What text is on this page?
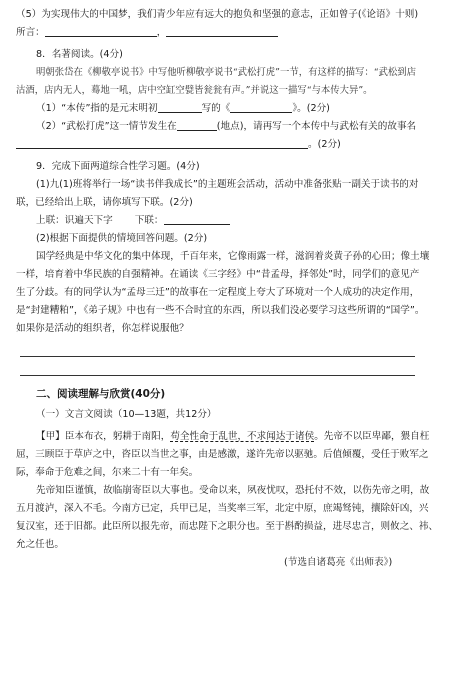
（5）为实现伟大的中国梦，我们青少年应有远大的抱负和坚强的意志，正如曾子(《论语》十则)
所言：	，
8．名著阅读。(4分)
明朝张岱在《柳敬亭说书》中写他听柳敬亭说书“武松打虎”一节，有这样的描写：“武松到店
沽酒，店内无人，蓦地一吼，店中空缸空甓皆瓮瓮有声。”并说这一描写“与本传大异”。
（1）“本传”指的是元末明初	写的《	》。(2分)
（2）“武松打虎”这一情节发生在	(地点)，请再写一个本传中与武松有关的故事名
。(2分)
9．完成下面两道综合性学习题。(4分)
(1)九(1)班将举行一场“读书伴我成长”的主题班会活动，活动中准备张贴一副关于读书的对
联，已经给出上联，请你填写下联。(2分)
上联：识遍天下字 下联：
(2)根据下面提供的情境回答问题。(2分)
国学经典是中华文化的集中体现，千百年来，它像雨露一样，滋润着炎黄子孙的心田；像土壤
一样，培育着中华民族的自强精神。在诵读《三字经》中“昔孟母，择邻处”时，同学们的意见产
生了分歧。有的同学认为“孟母三迁”的故事在一定程度上夸大了环境对一个人成功的决定作用，
是“封建糟粕”，《弟子规》中也有一些不合时宜的东西，所以我们没必要学习这些所谓的“国学”。
如果你是活动的组织者，你怎样说服他？
二、阅读理解与欣赏(40分)
（一）文言文阅读（10—13题，共12分）
【甲】臣本布衣，躬耕于南阳，苟全性命于乱世，不求闻达于诸侯。先帝不以臣卑鄙，猥自枉
屈，三顾臣于草庐之中，咨臣以当世之事，由是感激，遂许先帝以驱驰。后值倾覆，受任于败军之
际，奉命于危难之间，尔来二十有一年矣。
先帝知臣谨慎，故临崩寄臣以大事也。受命以来，夙夜忧叹，恐托付不效，以伤先帝之明，故
五月渡泸，深入不毛。今南方已定，兵甲已足，当奖率三军，北定中原，庶竭驽钝，攘除奸凶，兴
复汉室，还于旧都。此臣所以报先帝，而忠陛下之职分也。至于斟酌损益，进尽忠言，则攸之、祎、
允之任也。
(节选自诸葛亮《出师表》)
